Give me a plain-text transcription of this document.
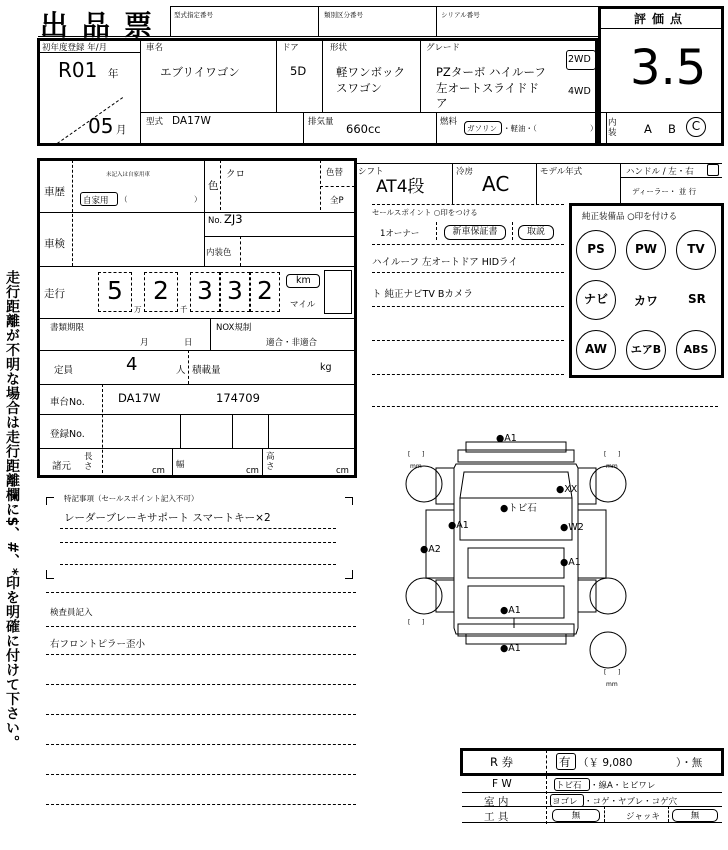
出品票 型式指定番号	類別区分番号	シリアル番号
初年度登録 年/月
R01 年
05 月
車名
エブリイワゴン
ドア
5D
形状
軽ワンボック
スワゴン
グレード
PZターボ ハイルーフ
左オートスライドド
ア
2WD
4WD
型式 DA17W	排気量 660cc	燃料
ガソリン ・軽油・（	）
評価点
3.5
内装 A B	C
車歴
未記入は自家用車
自家用 （	）
色
クロ	色替
全P
No. ZJ3
内装色
車検
走行	5
万
2
千
3 3 2	km
マイル
書類期限
月	日
NOX規制
適合・非適合
定員	4	人 積載量	kg
車台No.	DA17W	174709
登録No.
諸元
長さ	cm
幅
cm
高さ	cm
特記事項（セールスポイント記入不可）
レーダーブレーキサポート スマートキー×2
検査員記入
右フロントピラー歪小
走行距離が不明な場合は走行距離欄に$、#、*印を明確に付けて下さい。
シフト
AT4段
冷房 AC	モデル年式	ハンドル / 左・右
ディーラー・ 並 行
セールスポイント ○印をつける
1オーナー	新車保証書	取説
ハイルーフ 左オートドア HIDライ
ト 純正ナビTV Bカメラ
純正装備品 ○印を付ける
PS	PW	TV
ナビ	カワ SR
AW	エアB	ABS
[ ]
mm
[ ]
mm
[ ]
[ ]
mm
●A1
●トビ石
●XX
●A1	●W2
●A2
●A1
●A1
●A1
R 券	有 （￥ 9,080	）・無
F W	トビ石 ・線A・ヒビワレ
室 内	ヨゴレ ・コゲ・ヤブレ・コゲ穴
工 具	無	ジャッキ	無
